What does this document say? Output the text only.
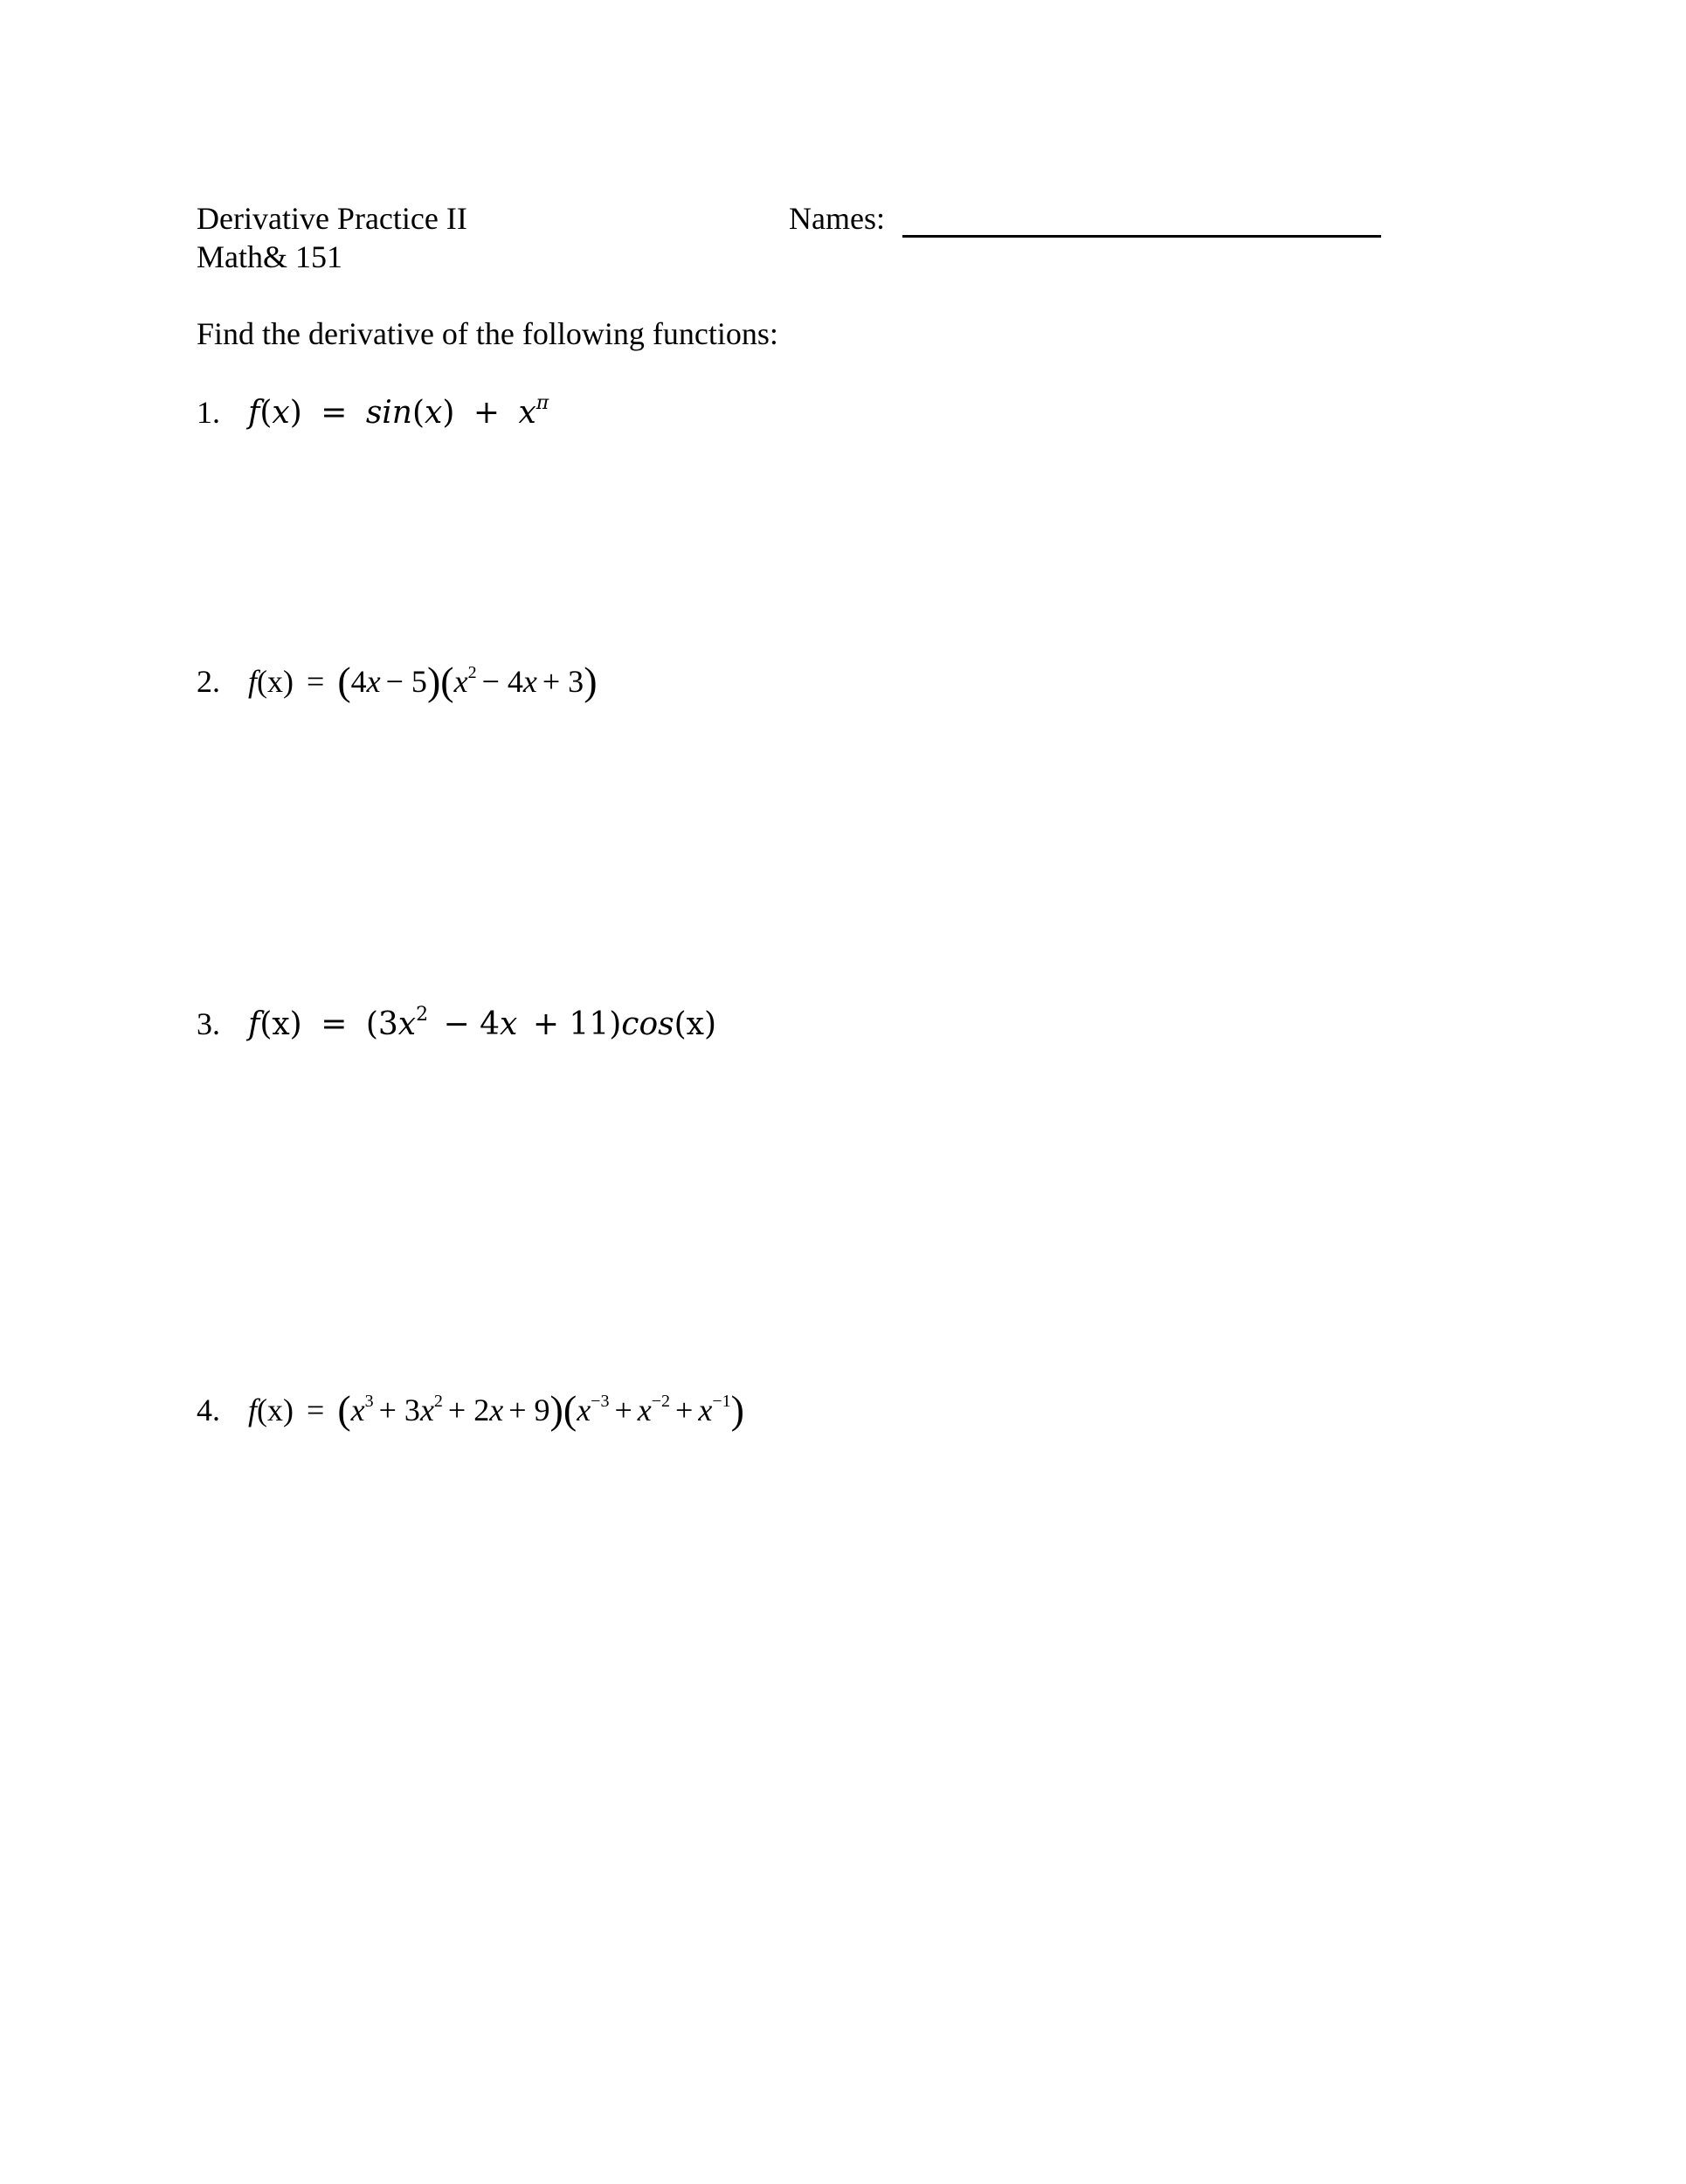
Derivative Practice II
Math& 151
Names:
Find the derivative of the following functions:
1. $f(x) = \sin(x) + x^\pi$
2. $f(x) = (4x - 5)(x^2 - 4x + 3)$
3. $f(x) = (3x^2 - 4x + 11)\cos(x)$
4. $f(x) = (x^3 + 3x^2 + 2x + 9)(x^{-3} + x^{-2} + x^{-1})$
